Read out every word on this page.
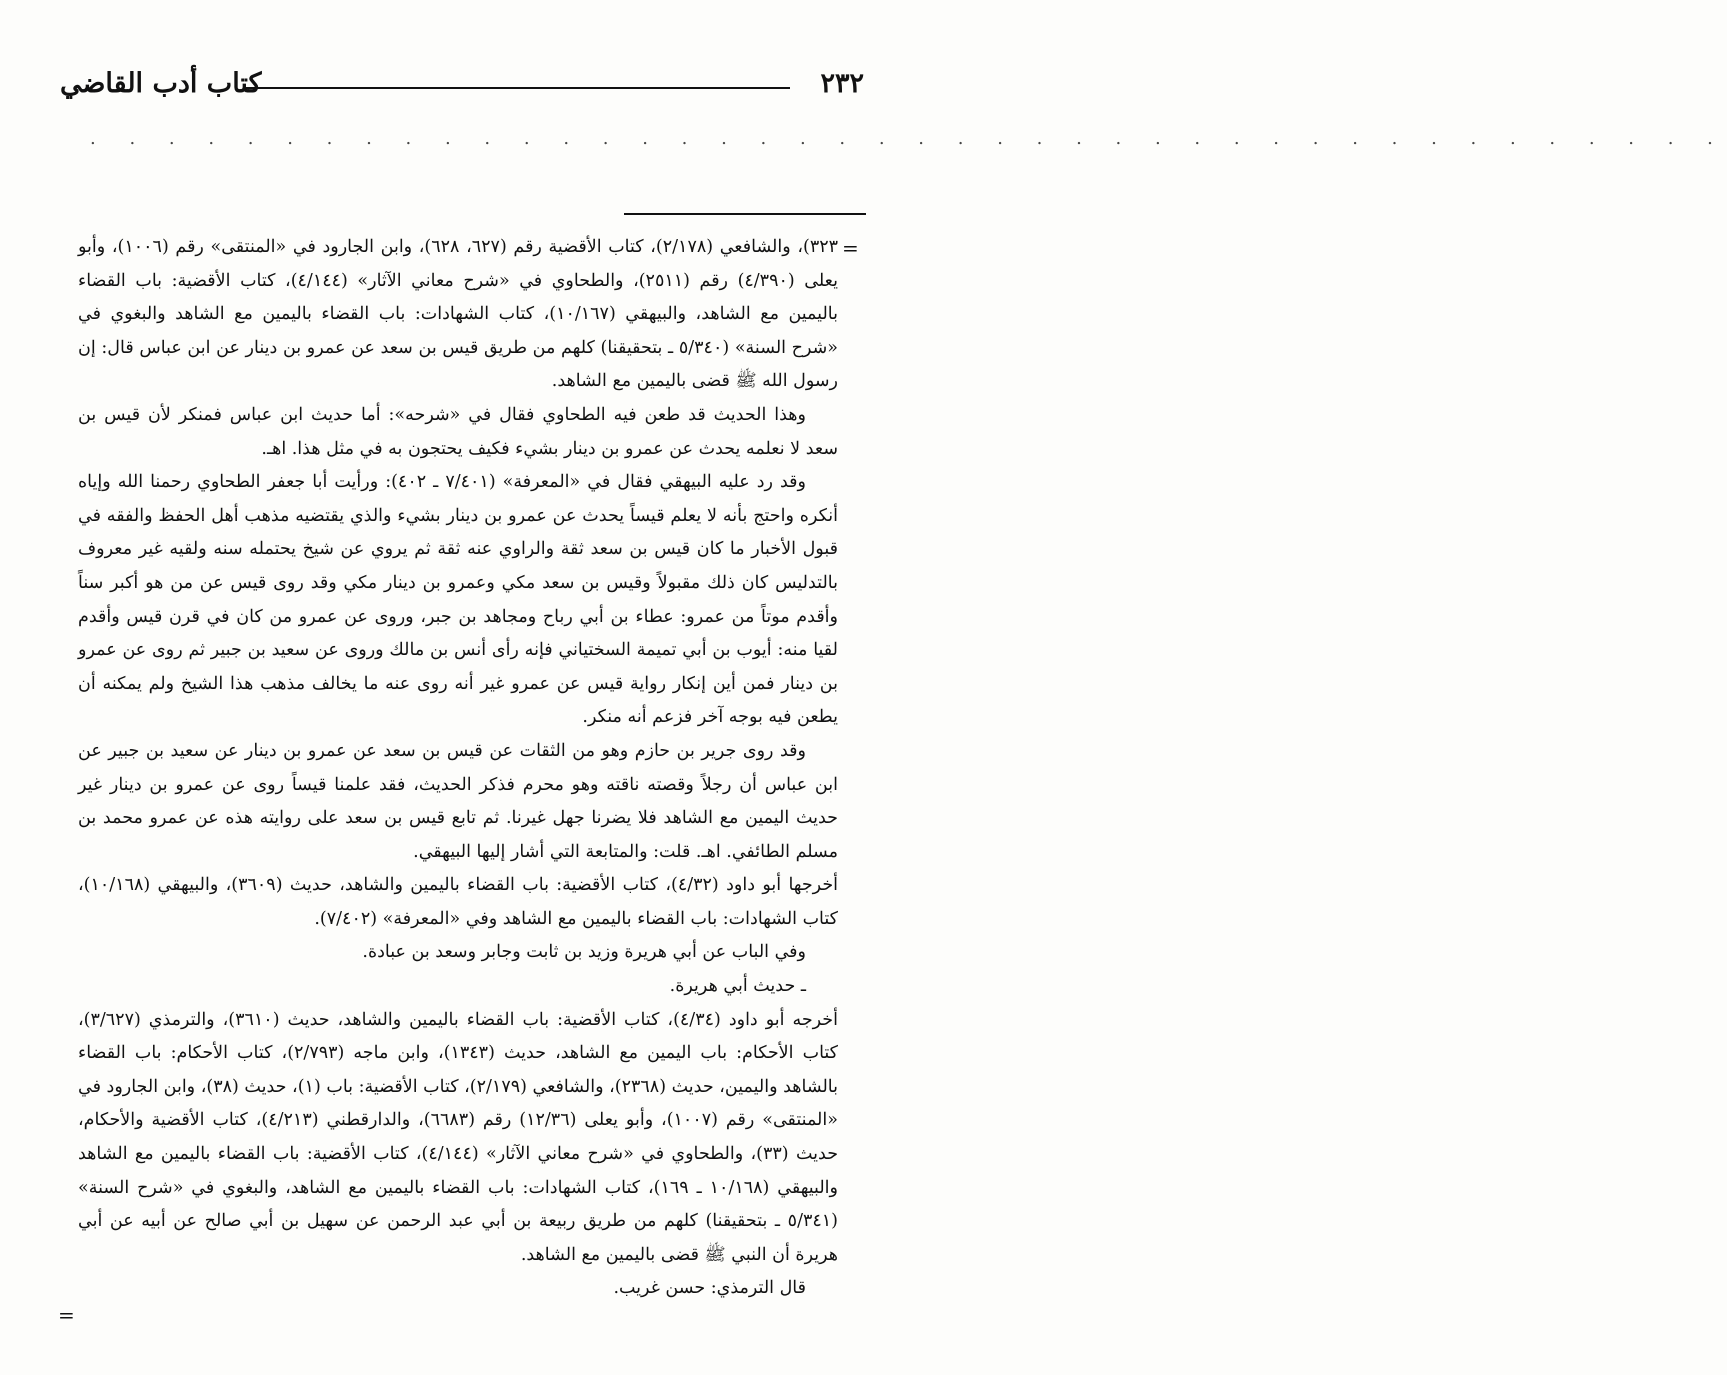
٢٣٢
كتاب أدب القاضي
. . . . . . . . . . . . . . . . . . . . . . . . . . . . . . . . . . . . . . . . . .
=
=

٣٢٣)، والشافعي (٢/١٧٨)، كتاب الأقضية رقم (٦٢٧، ٦٢٨)، وابن الجارود في «المنتقى» رقم (١٠٠٦)، وأبو يعلى (٤/٣٩٠) رقم (٢٥١١)، والطحاوي في «شرح معاني الآثار» (٤/١٤٤)، كتاب الأقضية: باب القضاء باليمين مع الشاهد، والبيهقي (١٠/١٦٧)، كتاب الشهادات: باب القضاء باليمين مع الشاهد والبغوي في «شرح السنة» (٥/٣٤٠ ـ بتحقيقنا) كلهم من طريق قيس بن سعد عن عمرو بن دينار عن ابن عباس قال: إن رسول الله ﷺ قضى باليمين مع الشاهد.

وهذا الحديث قد طعن فيه الطحاوي فقال في «شرحه»: أما حديث ابن عباس فمنكر لأن قيس بن سعد لا نعلمه يحدث عن عمرو بن دينار بشيء فكيف يحتجون به في مثل هذا. اهـ.

وقد رد عليه البيهقي فقال في «المعرفة» (٧/٤٠١ ـ ٤٠٢): ورأيت أبا جعفر الطحاوي رحمنا الله وإياه أنكره واحتج بأنه لا يعلم قيساً يحدث عن عمرو بن دينار بشيء والذي يقتضيه مذهب أهل الحفظ والفقه في قبول الأخبار ما كان قيس بن سعد ثقة والراوي عنه ثقة ثم يروي عن شيخ يحتمله سنه ولقيه غير معروف بالتدليس كان ذلك مقبولاً وقيس بن سعد مكي وعمرو بن دينار مكي وقد روى قيس عن من هو أكبر سناً وأقدم موتاً من عمرو: عطاء بن أبي رباح ومجاهد بن جبر، وروى عن عمرو من كان في قرن قيس وأقدم لقيا منه: أيوب بن أبي تميمة السختياني فإنه رأى أنس بن مالك وروى عن سعيد بن جبير ثم روى عن عمرو بن دينار فمن أين إنكار رواية قيس عن عمرو غير أنه روى عنه ما يخالف مذهب هذا الشيخ ولم يمكنه أن يطعن فيه بوجه آخر فزعم أنه منكر.

وقد روى جرير بن حازم وهو من الثقات عن قيس بن سعد عن عمرو بن دينار عن سعيد بن جبير عن ابن عباس أن رجلاً وقصته ناقته وهو محرم فذكر الحديث، فقد علمنا قيساً روى عن عمرو بن دينار غير حديث اليمين مع الشاهد فلا يضرنا جهل غيرنا. ثم تابع قيس بن سعد على روايته هذه عن عمرو محمد بن مسلم الطائفي. اهـ. قلت: والمتابعة التي أشار إليها البيهقي.

أخرجها أبو داود (٤/٣٢)، كتاب الأقضية: باب القضاء باليمين والشاهد، حديث (٣٦٠٩)، والبيهقي (١٠/١٦٨)، كتاب الشهادات: باب القضاء باليمين مع الشاهد وفي «المعرفة» (٧/٤٠٢).

وفي الباب عن أبي هريرة وزيد بن ثابت وجابر وسعد بن عبادة.

ـ حديث أبي هريرة.

أخرجه أبو داود (٤/٣٤)، كتاب الأقضية: باب القضاء باليمين والشاهد، حديث (٣٦١٠)، والترمذي (٣/٦٢٧)، كتاب الأحكام: باب اليمين مع الشاهد، حديث (١٣٤٣)، وابن ماجه (٢/٧٩٣)، كتاب الأحكام: باب القضاء بالشاهد واليمين، حديث (٢٣٦٨)، والشافعي (٢/١٧٩)، كتاب الأقضية: باب (١)، حديث (٣٨)، وابن الجارود في «المنتقى» رقم (١٠٠٧)، وأبو يعلى (١٢/٣٦) رقم (٦٦٨٣)، والدارقطني (٤/٢١٣)، كتاب الأقضية والأحكام، حديث (٣٣)، والطحاوي في «شرح معاني الآثار» (٤/١٤٤)، كتاب الأقضية: باب القضاء باليمين مع الشاهد والبيهقي (١٠/١٦٨ ـ ١٦٩)، كتاب الشهادات: باب القضاء باليمين مع الشاهد، والبغوي في «شرح السنة» (٥/٣٤١ ـ بتحقيقنا) كلهم من طريق ربيعة بن أبي عبد الرحمن عن سهيل بن أبي صالح عن أبيه عن أبي هريرة أن النبي ﷺ قضى باليمين مع الشاهد.

قال الترمذي: حسن غريب.
